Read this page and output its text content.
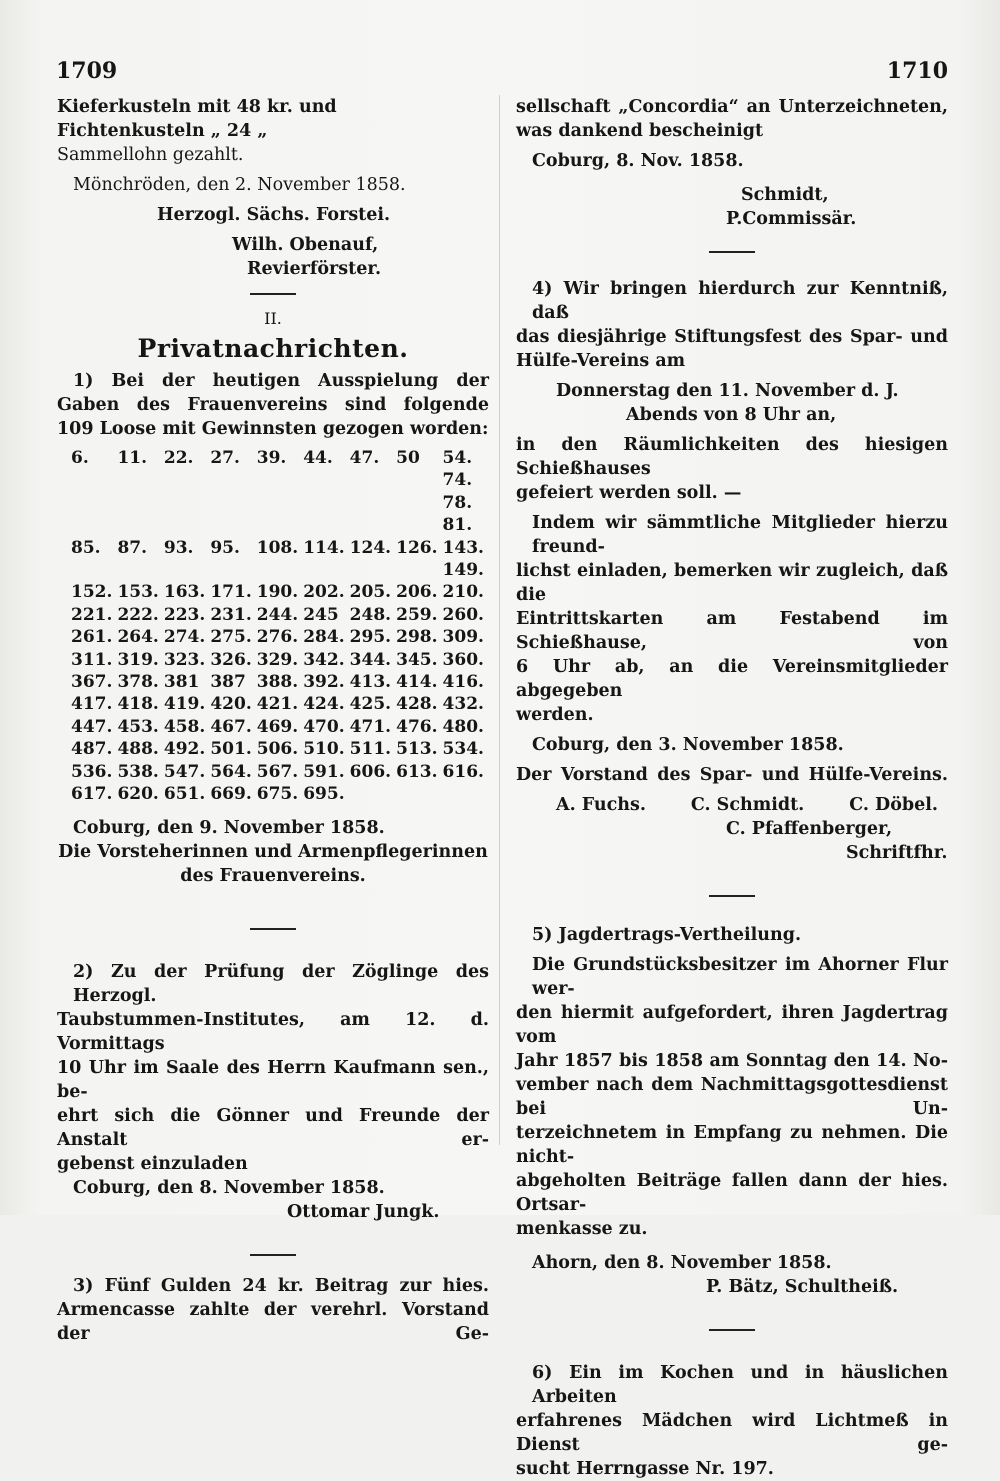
1709	1710
Kieferkusteln mit 48 kr. und
Fichtenkusteln „ 24 „
Sammellohn gezahlt.
Mönchröden, den 2. November 1858.
Herzogl. Sächs. Forstei.
Wilh. Obenauf,
Revierförster.
II.
Privatnachrichten.
1) Bei der heutigen Ausspielung der
Gaben des Frauenvereins sind folgende
109 Loose mit Gewinnsten gezogen worden:
6.	11. 22. 27. 39. 44. 47. 50	54. 74. 78. 81.
85. 87. 93. 95. 108. 114. 124. 126. 143. 149.
152. 153. 163. 171. 190. 202. 205. 206. 210.
221. 222. 223. 231. 244. 245 248. 259. 260.
261. 264. 274. 275. 276. 284. 295. 298. 309.
311. 319. 323. 326. 329. 342. 344. 345. 360.
367. 378. 381 387 388. 392. 413. 414. 416.
417. 418. 419. 420. 421. 424. 425. 428. 432.
447. 453. 458. 467. 469. 470. 471. 476. 480.
487. 488. 492. 501. 506. 510. 511. 513. 534.
536. 538. 547. 564. 567. 591. 606. 613. 616.
617. 620. 651. 669. 675. 695.
Coburg, den 9. November 1858.
Die Vorsteherinnen und Armenpflegerinnen
des Frauenvereins.
2) Zu der Prüfung der Zöglinge des Herzogl.
Taubstummen-Institutes, am 12. d. Vormittags
10 Uhr im Saale des Herrn Kaufmann sen., be-
ehrt sich die Gönner und Freunde der Anstalt er-
gebenst einzuladen
Coburg, den 8. November 1858.
Ottomar Jungk.
3) Fünf Gulden 24 kr. Beitrag zur hies.
Armencasse zahlte der verehrl. Vorstand der Ge-
sellschaft „Concordia“ an Unterzeichneten,
was dankend bescheinigt
Coburg, 8. Nov. 1858.
Schmidt,
P.Commissär.
4) Wir bringen hierdurch zur Kenntniß, daß
das diesjährige Stiftungsfest des Spar- und
Hülfe-Vereins am
Donnerstag den 11. November d. J.
Abends von 8 Uhr an,
in den Räumlichkeiten des hiesigen Schießhauses
gefeiert werden soll. —
Indem wir sämmtliche Mitglieder hierzu freund-
lichst einladen, bemerken wir zugleich, daß die
Eintrittskarten am Festabend im Schießhause, von
6 Uhr ab, an die Vereinsmitglieder abgegeben
werden.
Coburg, den 3. November 1858.
Der Vorstand des Spar- und Hülfe-Vereins.
A. Fuchs.	C. Schmidt.	C. Döbel.
C. Pfaffenberger,
Schriftfhr.
5) Jagdertrags-Vertheilung.
Die Grundstücksbesitzer im Ahorner Flur wer-
den hiermit aufgefordert, ihren Jagdertrag vom
Jahr 1857 bis 1858 am Sonntag den 14. No-
vember nach dem Nachmittagsgottesdienst bei Un-
terzeichnetem in Empfang zu nehmen. Die nicht-
abgeholten Beiträge fallen dann der hies. Ortsar-
menkasse zu.
Ahorn, den 8. November 1858.
P. Bätz, Schultheiß.
6) Ein im Kochen und in häuslichen Arbeiten
erfahrenes Mädchen wird Lichtmeß in Dienst ge-
sucht Herrngasse Nr. 197.
